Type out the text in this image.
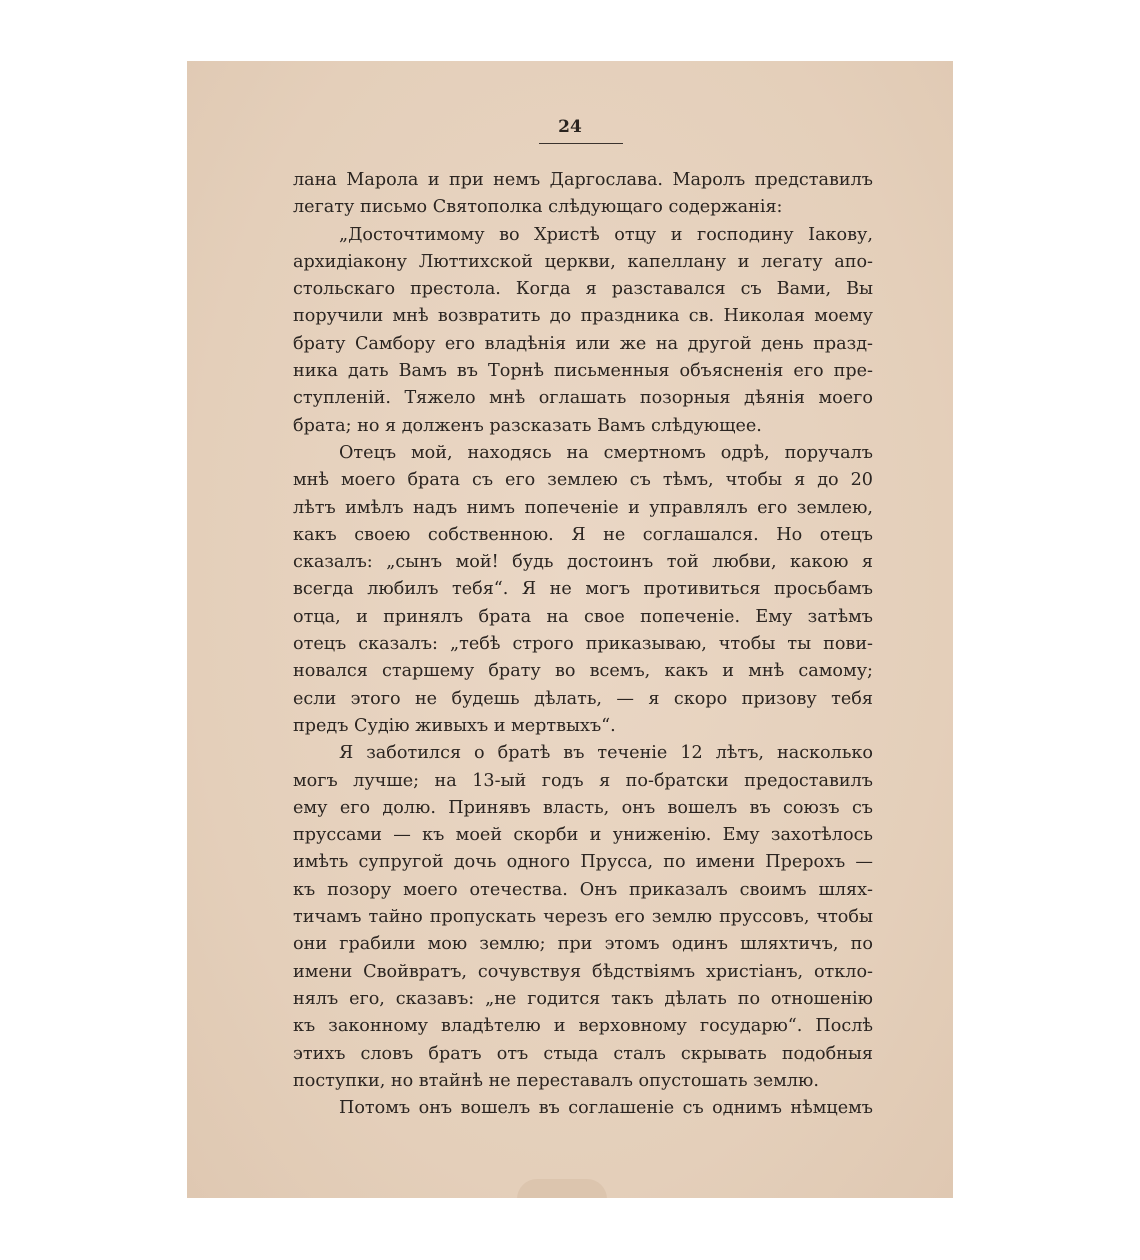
24
лана Марола и при немъ Даргослава. Маролъ представилъ
легату письмо Святополка слѣдующаго содержанія:
„Досточтимому во Христѣ отцу и господину Іакову,
архидіакону Люттихской церкви, капеллану и легату апо-
стольскаго престола. Когда я разставался съ Вами, Вы
поручили мнѣ возвратить до праздника св. Николая моему
брату Самбору его владѣнія или же на другой день празд-
ника дать Вамъ въ Торнѣ письменныя объясненія его пре-
ступленій. Тяжело мнѣ оглашать позорныя дѣянія моего
брата; но я долженъ разсказать Вамъ слѣдующее.
Отецъ мой, находясь на смертномъ одрѣ, поручалъ
мнѣ моего брата съ его землею съ тѣмъ, чтобы я до 20
лѣтъ имѣлъ надъ нимъ попеченіе и управлялъ его землею,
какъ своею собственною. Я не соглашался. Но отецъ
сказалъ: „сынъ мой! будь достоинъ той любви, какою я
всегда любилъ тебя“. Я не могъ противиться просьбамъ
отца, и принялъ брата на свое попеченіе. Ему затѣмъ
отецъ сказалъ: „тебѣ строго приказываю, чтобы ты пови-
новался старшему брату во всемъ, какъ и мнѣ самому;
если этого не будешь дѣлать, — я скоро призову тебя
предъ Судію живыхъ и мертвыхъ“.
Я заботился о братѣ въ теченіе 12 лѣтъ, насколько
могъ лучше; на 13-ый годъ я по-братски предоставилъ
ему его долю. Принявъ власть, онъ вошелъ въ союзъ съ
пруссами — къ моей скорби и униженію. Ему захотѣлось
имѣть супругой дочь одного Прусса, по имени Прерохъ —
къ позору моего отечества. Онъ приказалъ своимъ шлях-
тичамъ тайно пропускать черезъ его землю пруссовъ, чтобы
они грабили мою землю; при этомъ одинъ шляхтичъ, по
имени Свойвратъ, сочувствуя бѣдствіямъ христіанъ, откло-
нялъ его, сказавъ: „не годится такъ дѣлать по отношенію
къ законному владѣтелю и верховному государю“. Послѣ
этихъ словъ братъ отъ стыда сталъ скрывать подобныя
поступки, но втайнѣ не переставалъ опустошать землю.
Потомъ онъ вошелъ въ соглашеніе съ однимъ нѣмцемъ
